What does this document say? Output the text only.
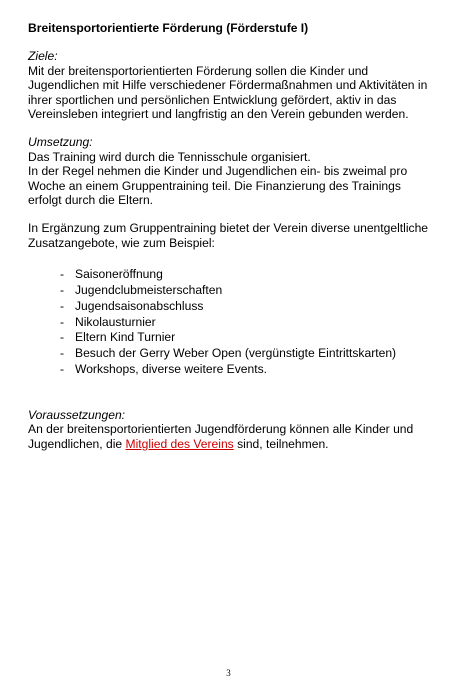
Breitensportorientierte Förderung (Förderstufe I)
Ziele:

Mit der breitensportorientierten Förderung sollen die Kinder und Jugendlichen mit Hilfe verschiedener Fördermaßnahmen und Aktivitäten in ihrer sportlichen und persönlichen Entwicklung gefördert, aktiv in das Vereinsleben integriert und langfristig an den Verein gebunden werden.

Umsetzung:

Das Training wird durch die Tennisschule organisiert.

In der Regel nehmen die Kinder und Jugendlichen ein- bis zweimal pro Woche an einem Gruppentraining teil. Die Finanzierung des Trainings erfolgt durch die Eltern.

In Ergänzung zum Gruppentraining bietet der Verein diverse unentgeltliche Zusatzangebote, wie zum Beispiel:

- Saisoneröffnung
- Jugendclubmeisterschaften
- Jugendsaisonabschluss
- Nikolausturnier
- Eltern Kind Turnier
- Besuch der Gerry Weber Open (vergünstigte Eintrittskarten)
- Workshops, diverse weitere Events.
Voraussetzungen:

An der breitensportorientierten Jugendförderung können alle Kinder und Jugendlichen, die Mitglied des Vereins sind, teilnehmen.

3
